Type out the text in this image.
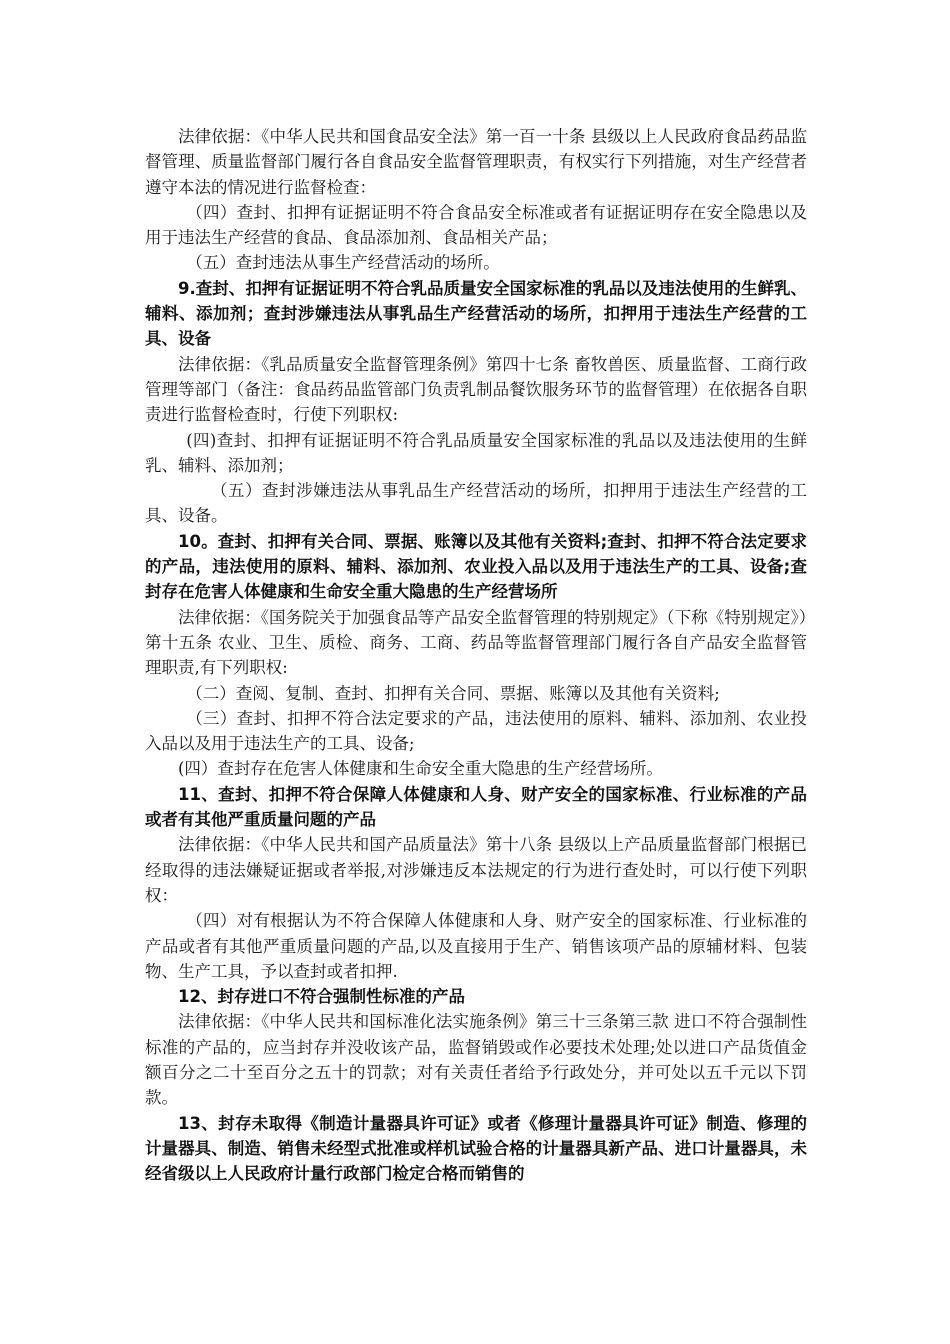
法律依据：《中华人民共和国食品安全法》第一百一十条 县级以上人民政府食品药品监督管理、质量监督部门履行各自食品安全监督管理职责，有权实行下列措施，对生产经营者遵守本法的情况进行监督检查：

（四）查封、扣押有证据证明不符合食品安全标准或者有证据证明存在安全隐患以及用于违法生产经营的食品、食品添加剂、食品相关产品；

（五）查封违法从事生产经营活动的场所。

9.查封、扣押有证据证明不符合乳品质量安全国家标准的乳品以及违法使用的生鲜乳、辅料、添加剂；查封涉嫌违法从事乳品生产经营活动的场所，扣押用于违法生产经营的工具、设备

法律依据：《乳品质量安全监督管理条例》第四十七条 畜牧兽医、质量监督、工商行政管理等部门（备注：食品药品监管部门负责乳制品餐饮服务环节的监督管理）在依据各自职责进行监督检查时，行使下列职权:

(四)查封、扣押有证据证明不符合乳品质量安全国家标准的乳品以及违法使用的生鲜乳、辅料、添加剂；

（五）查封涉嫌违法从事乳品生产经营活动的场所，扣押用于违法生产经营的工具、设备。

10。查封、扣押有关合同、票据、账簿以及其他有关资料;查封、扣押不符合法定要求的产品，违法使用的原料、辅料、添加剂、农业投入品以及用于违法生产的工具、设备;查封存在危害人体健康和生命安全重大隐患的生产经营场所

法律依据：《国务院关于加强食品等产品安全监督管理的特别规定》（下称《特别规定》）第十五条 农业、卫生、质检、商务、工商、药品等监督管理部门履行各自产品安全监督管理职责,有下列职权:

（二）查阅、复制、查封、扣押有关合同、票据、账簿以及其他有关资料;

（三）查封、扣押不符合法定要求的产品，违法使用的原料、辅料、添加剂、农业投入品以及用于违法生产的工具、设备;

(四）查封存在危害人体健康和生命安全重大隐患的生产经营场所。

11、查封、扣押不符合保障人体健康和人身、财产安全的国家标准、行业标准的产品或者有其他严重质量问题的产品

法律依据：《中华人民共和国产品质量法》第十八条 县级以上产品质量监督部门根据已经取得的违法嫌疑证据或者举报,对涉嫌违反本法规定的行为进行查处时，可以行使下列职权：

（四）对有根据认为不符合保障人体健康和人身、财产安全的国家标准、行业标准的产品或者有其他严重质量问题的产品,以及直接用于生产、销售该项产品的原辅材料、包装物、生产工具，予以查封或者扣押.

12、封存进口不符合强制性标准的产品

法律依据：《中华人民共和国标准化法实施条例》第三十三条第三款 进口不符合强制性标准的产品的，应当封存并没收该产品，监督销毁或作必要技术处理;处以进口产品货值金额百分之二十至百分之五十的罚款；对有关责任者给予行政处分，并可处以五千元以下罚款。

13、封存未取得《制造计量器具许可证》或者《修理计量器具许可证》制造、修理的计量器具、制造、销售未经型式批准或样机试验合格的计量器具新产品、进口计量器具，未经省级以上人民政府计量行政部门检定合格而销售的
